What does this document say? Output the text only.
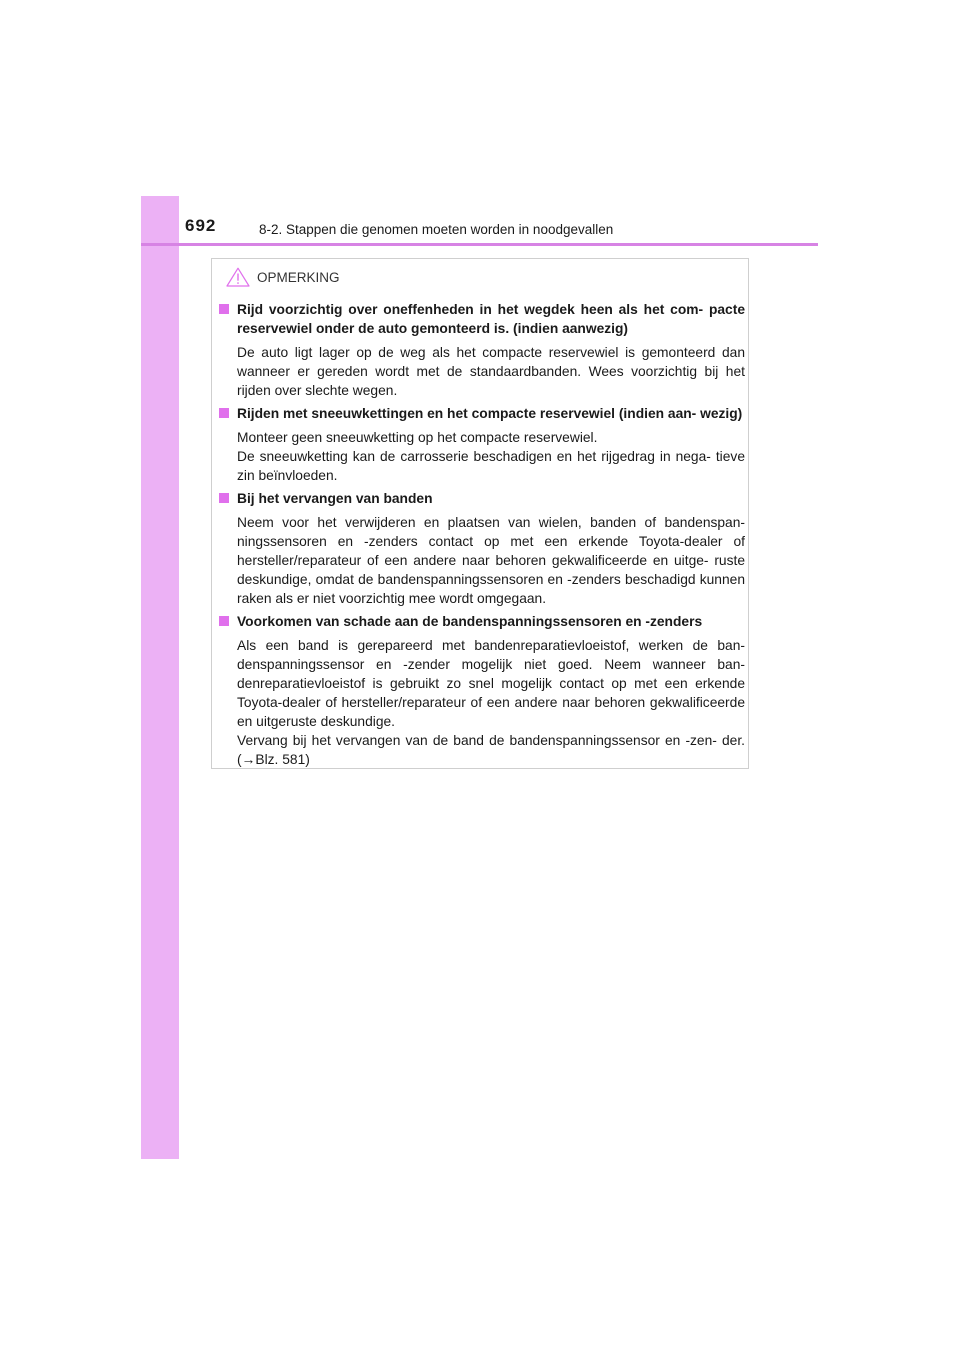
692	8-2. Stappen die genomen moeten worden in noodgevallen
OPMERKING
Rijd voorzichtig over oneffenheden in het wegdek heen als het com- pacte reservewiel onder de auto gemonteerd is. (indien aanwezig)

De auto ligt lager op de weg als het compacte reservewiel is gemonteerd dan wanneer er gereden wordt met de standaardbanden. Wees voorzichtig bij het rijden over slechte wegen.

Rijden met sneeuwkettingen en het compacte reservewiel (indien aan- wezig)

Monteer geen sneeuwketting op het compacte reservewiel.

De sneeuwketting kan de carrosserie beschadigen en het rijgedrag in nega- tieve zin beïnvloeden.

Bij het vervangen van banden

Neem voor het verwijderen en plaatsen van wielen, banden of bandenspan- ningssensoren en -zenders contact op met een erkende Toyota-dealer of hersteller/reparateur of een andere naar behoren gekwalificeerde en uitge- ruste deskundige, omdat de bandenspanningssensoren en -zenders beschadigd kunnen raken als er niet voorzichtig mee wordt omgegaan.

Voorkomen van schade aan de bandenspanningssensoren en -zenders

Als een band is gerepareerd met bandenreparatievloeistof, werken de ban- denspanningssensor en -zender mogelijk niet goed. Neem wanneer ban- denreparatievloeistof is gebruikt zo snel mogelijk contact op met een erkende Toyota-dealer of hersteller/reparateur of een andere naar behoren gekwalificeerde en uitgeruste deskundige.

Vervang bij het vervangen van de band de bandenspanningssensor en -zen- der. (→Blz. 581)
